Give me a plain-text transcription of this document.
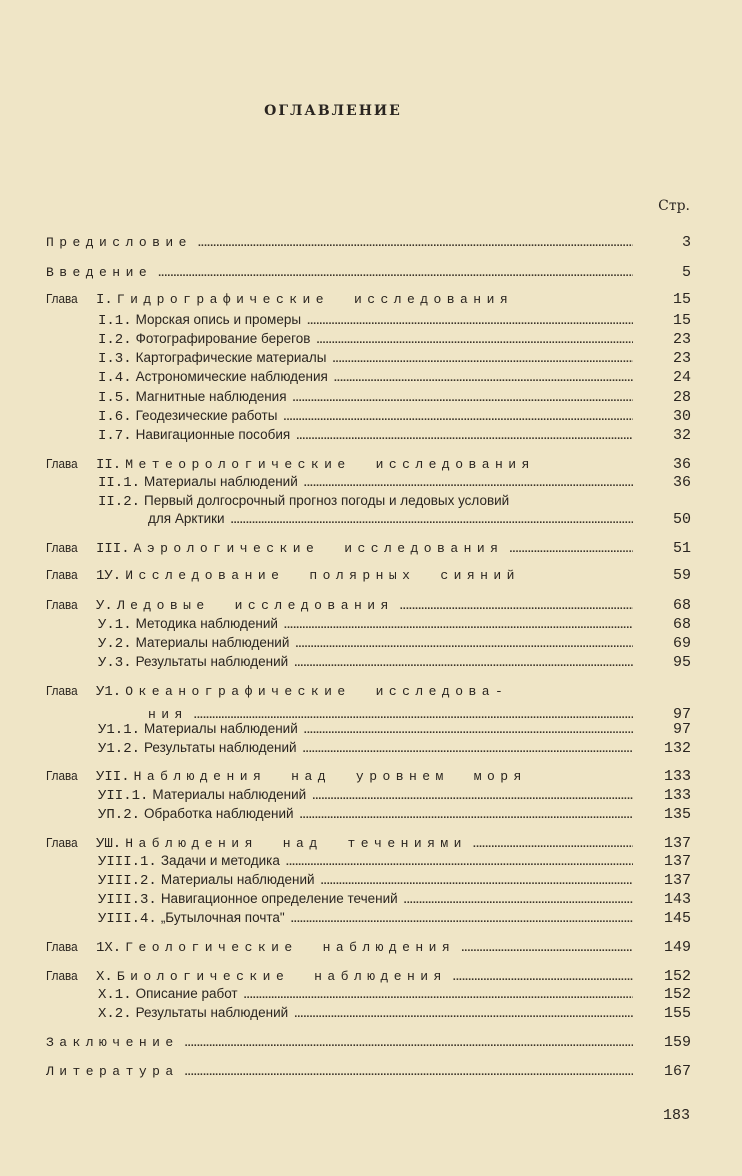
ОГЛАВЛЕНИЕ
Стр.
Предисловие .....	3
Введение .....	5
Глава	I. Гидрографические исследования	15
I.1. Морская опись и промеры .....	15
I.2. Фотографирование берегов .....	23
I.3. Картографические материалы .....	23
I.4. Астрономические наблюдения .....	24
I.5. Магнитные наблюдения .....	28
I.6. Геодезические работы .....	30
I.7. Навигационные пособия .....	32
Глава	II. Метеорологические исследования	36
II.1. Материалы наблюдений .....	36
II.2. Первый долгосрочный прогноз погоды и ледовых условий
для Арктики .....	50
Глава	III. Аэрологические исследования .....	51
Глава	1У. Исследование полярных сияний	59
Глава	У. Ледовые исследования .....	68
У.1. Методика наблюдений .....	68
У.2. Материалы наблюдений .....	69
У.3. Результаты наблюдений .....	95
Глава	У1. Океанографические исследова-
ния .....	97
У1.1. Материалы наблюдений .....	97
У1.2. Результаты наблюдений .....	132
Глава	УII. Наблюдения над уровнем моря	133
УII.1. Материалы наблюдений .....	133
УП.2. Обработка наблюдений .....	135
Глава	УШ. Наблюдения над течениями .....	137
УIII.1. Задачи и методика .....	137
УIII.2. Материалы наблюдений .....	137
УIII.3. Навигационное определение течений .....	143
УIII.4. „Бутылочная почта" .....	145
Глава	1Х. Геологические наблюдения .....	149
Глава	Х. Биологические наблюдения .....	152
Х.1. Описание работ .....	152
Х.2. Результаты наблюдений .....	155
Заключение .....	159
Литература .....	167
183
